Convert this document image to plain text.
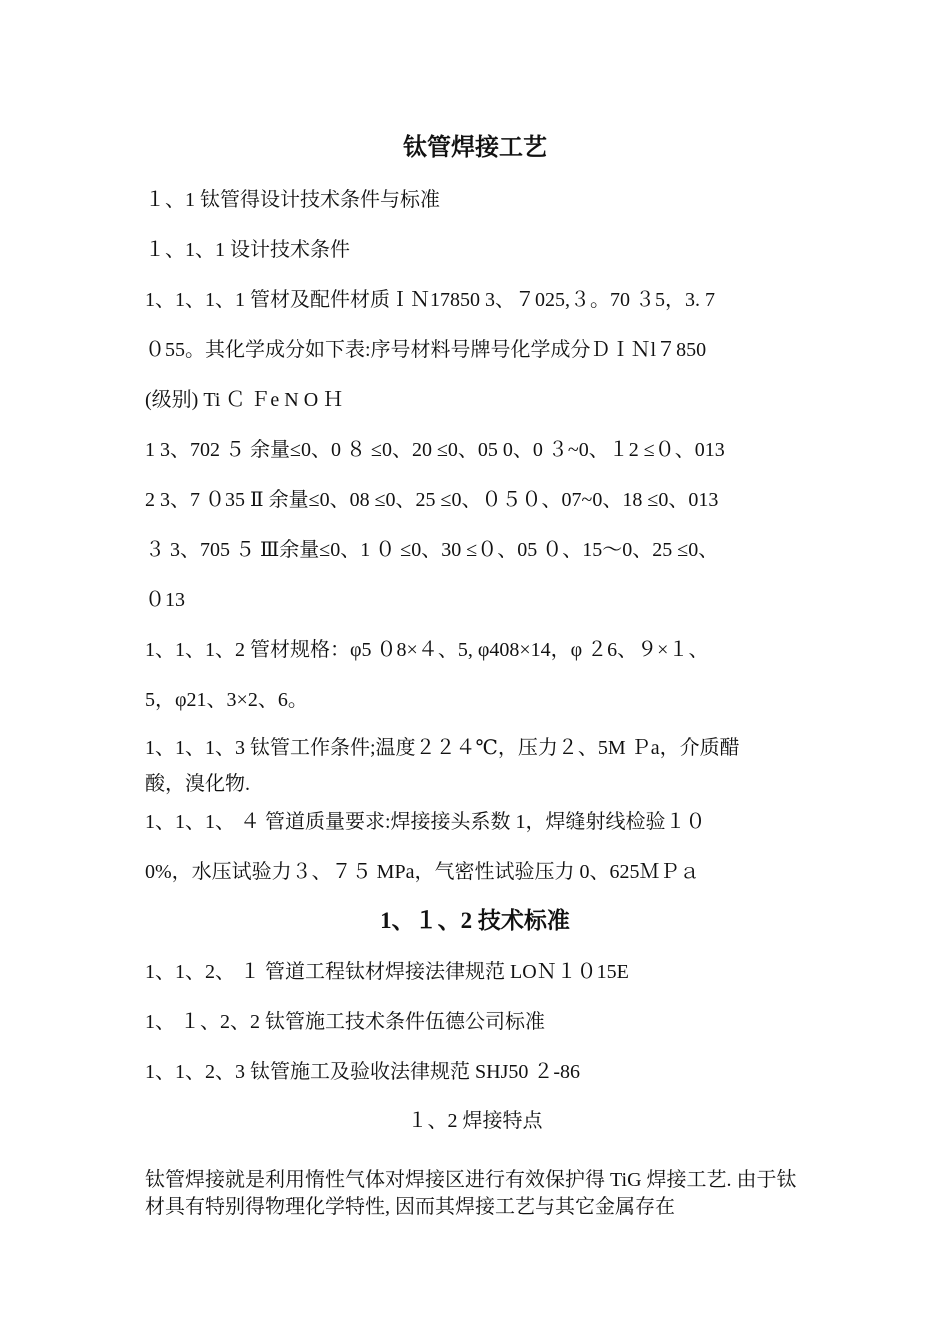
钛管焊接工艺
１、1 钛管得设计技术条件与标准
１、1、1 设计技术条件
1、1、1、1 管材及配件材质ＩＮ17850 3、７025,３。70 ３5，3. 7
０55。其化学成分如下表:序号材料号牌号化学成分ＤＩＮl７850
(级别) Ti Ｃ Ｆe N O Ｈ
1 3、702 ５ 余量≤0、0 ８ ≤0、20 ≤0、05 0、0 ３~0、１2 ≤０、013
2 3、7 ０35 Ⅱ 余量≤0、08 ≤0、25 ≤0、０５０、07~0、18 ≤0、013
３ 3、705 ５ Ⅲ余量≤0、1 ０ ≤0、30 ≤０、05 ０、15～0、25 ≤0、
０13
1、1、1、2 管材规格：φ5 ０8×４、5, φ408×14，φ ２6、９×１、
5，φ21、3×2、6。
1、1、1、3 钛管工作条件;温度２２４℃，压力２、5M Ｐa，介质醋
酸，溴化物.
1、1、1、 ４ 管道质量要求:焊接接头系数 1，焊缝射线检验１０
0%，水压试验力３、７５ MPa，气密性试验压力 0、625ＭＰａ
1、１、2 技术标准
1、1、2、 １ 管道工程钛材焊接法律规范 LOＮ１０15E
1、 １、2、2 钛管施工技术条件伍德公司标准
1、1、2、3 钛管施工及验收法律规范 SHJ50 ２-86
１、2 焊接特点
钛管焊接就是利用惰性气体对焊接区进行有效保护得 TiG 焊接工艺. 由于钛材具有特别得物理化学特性, 因而其焊接工艺与其它金属存在
